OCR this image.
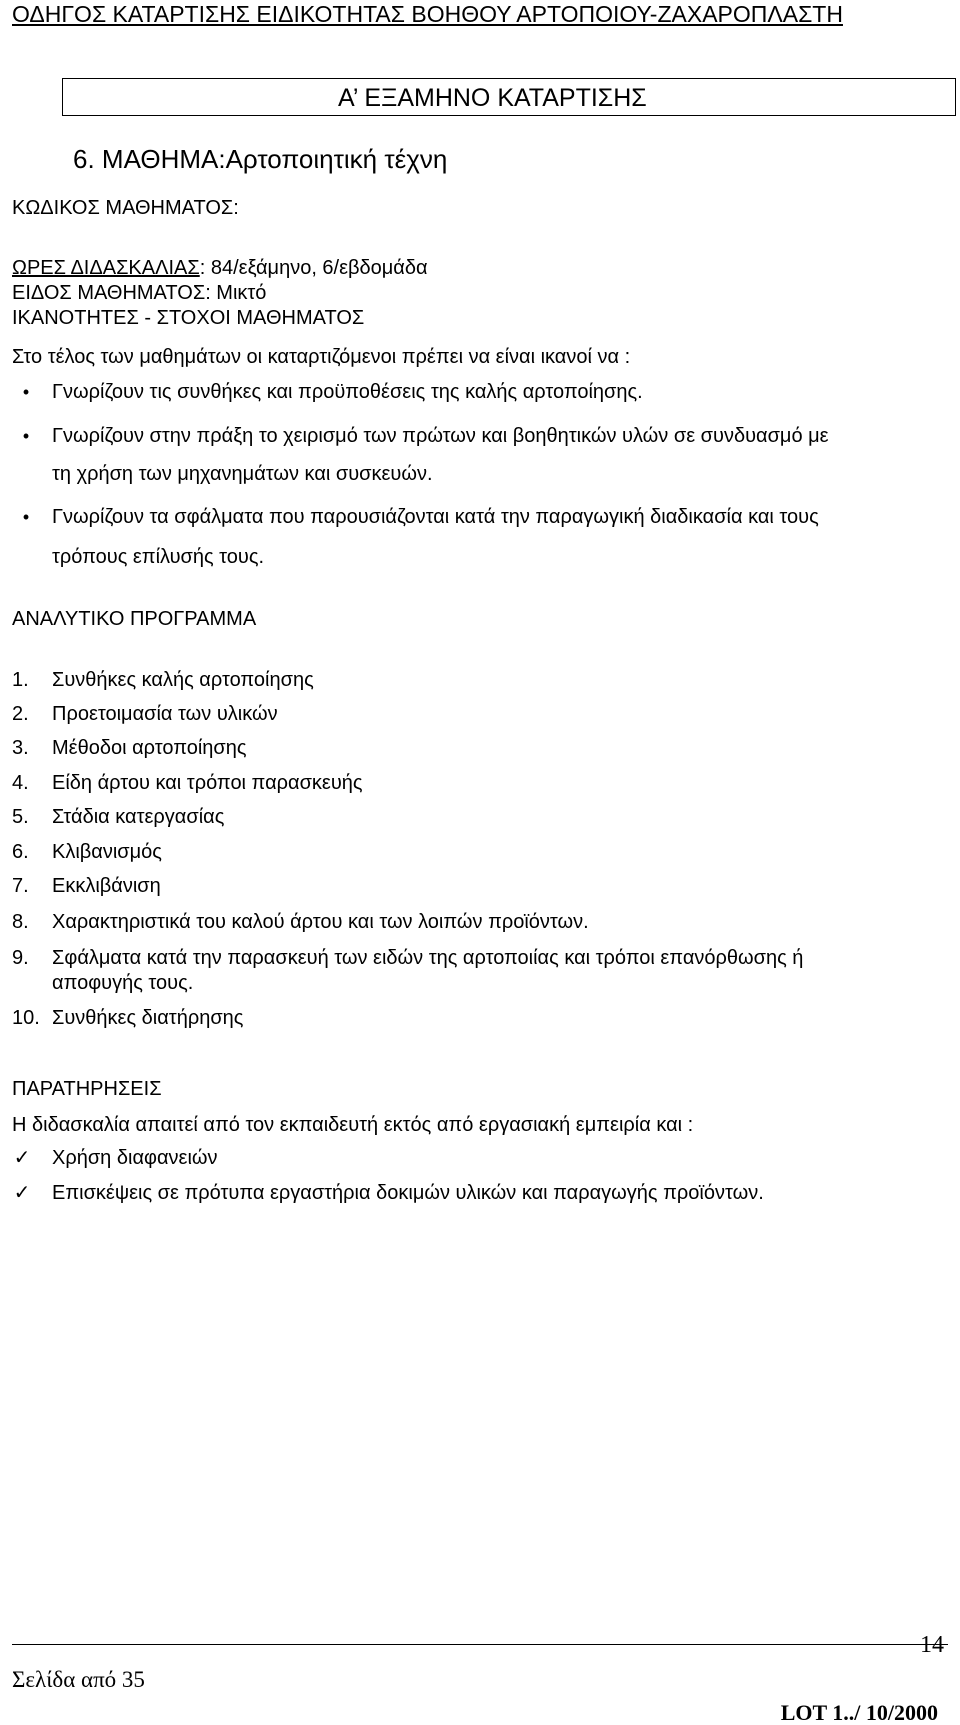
ΟΔΗΓΟΣ ΚΑΤΑΡΤΙΣΗΣ ΕΙΔΙΚΟΤΗΤΑΣ ΒΟΗΘΟΥ ΑΡΤΟΠΟΙΟΥ-ΖΑΧΑΡΟΠΛΑΣΤΗ
Α’ ΕΞΑΜΗΝΟ ΚΑΤΑΡΤΙΣΗΣ
6. ΜΑΘΗΜΑ:Αρτοποιητική τέχνη
ΚΩΔΙΚΟΣ ΜΑΘΗΜΑΤΟΣ:
ΩΡΕΣ ΔΙΔΑΣΚΑΛΙΑΣ: 84/εξάμηνο, 6/εβδομάδα
ΕΙΔΟΣ ΜΑΘΗΜΑΤΟΣ: Μικτό
ΙΚΑΝΟΤΗΤΕΣ - ΣΤΟΧΟΙ ΜΑΘΗΜΑΤΟΣ
Στο τέλος των μαθημάτων οι καταρτιζόμενοι πρέπει να είναι ικανοί να :
•	Γνωρίζουν τις συνθήκες και προϋποθέσεις της καλής αρτοποίησης.
•	Γνωρίζουν στην πράξη το χειρισμό των πρώτων και βοηθητικών υλών σε συνδυασμό με
τη χρήση των μηχανημάτων και συσκευών.
•	Γνωρίζουν τα σφάλματα που παρουσιάζονται κατά την παραγωγική διαδικασία και τους
τρόπους επίλυσής τους.
ΑΝΑΛΥΤΙΚΟ ΠΡΟΓΡΑΜΜΑ
1. Συνθήκες καλής αρτοποίησης
2. Προετοιμασία των υλικών
3. Μέθοδοι αρτοποίησης
4. Είδη άρτου και τρόποι παρασκευής
5. Στάδια κατεργασίας
6. Κλιβανισμός
7. Εκκλιβάνιση
8. Χαρακτηριστικά του καλού άρτου και των λοιπών προϊόντων.
9. Σφάλματα κατά την παρασκευή των ειδών της αρτοποιίας και τρόποι επανόρθωσης ή
αποφυγής τους.
10. Συνθήκες διατήρησης
ΠΑΡΑΤΗΡΗΣΕΙΣ
Η διδασκαλία απαιτεί από τον εκπαιδευτή εκτός από εργασιακή εμπειρία και :
✓ Χρήση διαφανειών
✓ Επισκέψεις σε πρότυπα εργαστήρια δοκιμών υλικών και παραγωγής προϊόντων.
14
Σελίδα από 35
LOT 1../ 10/2000
